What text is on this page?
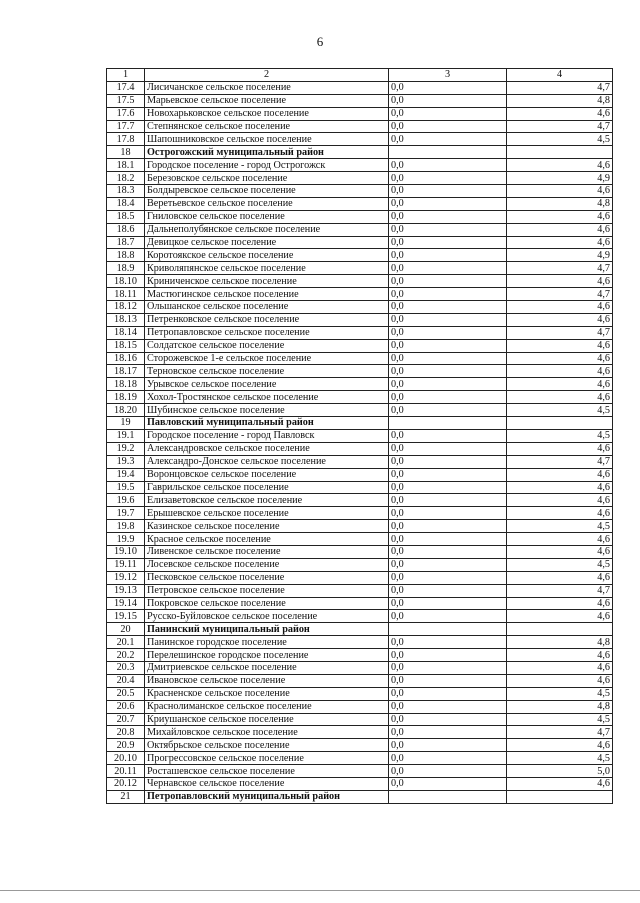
6
1	2	3	4
17.4	Лисичанское сельское поселение	0,0	4,7
17.5	Марьевское сельское поселение	0,0	4,8
17.6	Новохарьковское сельское поселение	0,0	4,6
17.7	Степнянское сельское поселение	0,0	4,7
17.8	Шапошниковское сельское поселение	0,0	4,5
18	Острогожский муниципальный район		
18.1	Городское поселение - город Острогожск	0,0	4,6
18.2	Березовское сельское поселение	0,0	4,9
18.3	Болдыревское сельское поселение	0,0	4,6
18.4	Веретьевское сельское поселение	0,0	4,8
18.5	Гниловское сельское поселение	0,0	4,6
18.6	Дальнеполубянское сельское поселение	0,0	4,6
18.7	Девицкое сельское поселение	0,0	4,6
18.8	Коротоякское сельское поселение	0,0	4,9
18.9	Криволяпянское сельское поселение	0,0	4,7
18.10	Криниченское сельское поселение	0,0	4,6
18.11	Мастюгинское сельское поселение	0,0	4,7
18.12	Ольшанское сельское поселение	0,0	4,6
18.13	Петренковское сельское поселение	0,0	4,6
18.14	Петропавловское сельское поселение	0,0	4,7
18.15	Солдатское сельское поселение	0,0	4,6
18.16	Сторожевское 1-е сельское поселение	0,0	4,6
18.17	Терновское сельское поселение	0,0	4,6
18.18	Урывское сельское поселение	0,0	4,6
18.19	Хохол-Тростянское сельское поселение	0,0	4,6
18.20	Шубинское сельское поселение	0,0	4,5
19	Павловский муниципальный район		
19.1	Городское поселение - город Павловск	0,0	4,5
19.2	Александровское сельское поселение	0,0	4,6
19.3	Александро-Донское сельское поселение	0,0	4,7
19.4	Воронцовское сельское поселение	0,0	4,6
19.5	Гаврильское сельское поселение	0,0	4,6
19.6	Елизаветовское сельское поселение	0,0	4,6
19.7	Ерышевское сельское поселение	0,0	4,6
19.8	Казинское сельское поселение	0,0	4,5
19.9	Красное сельское поселение	0,0	4,6
19.10	Ливенское сельское поселение	0,0	4,6
19.11	Лосевское сельское поселение	0,0	4,5
19.12	Песковское сельское поселение	0,0	4,6
19.13	Петровское сельское поселение	0,0	4,7
19.14	Покровское сельское поселение	0,0	4,6
19.15	Русско-Буйловское сельское поселение	0,0	4,6
20	Панинский муниципальный район		
20.1	Панинское городское поселение	0,0	4,8
20.2	Перелешинское городское поселение	0,0	4,6
20.3	Дмитриевское сельское поселение	0,0	4,6
20.4	Ивановское сельское поселение	0,0	4,6
20.5	Красненское сельское поселение	0,0	4,5
20.6	Краснолиманское сельское поселение	0,0	4,8
20.7	Криушанское сельское поселение	0,0	4,5
20.8	Михайловское сельское поселение	0,0	4,7
20.9	Октябрьское сельское поселение	0,0	4,6
20.10	Прогрессовское сельское поселение	0,0	4,5
20.11	Росташевское сельское поселение	0,0	5,0
20.12	Чернавское сельское поселение	0,0	4,6
21	Петропавловский муниципальный район		
